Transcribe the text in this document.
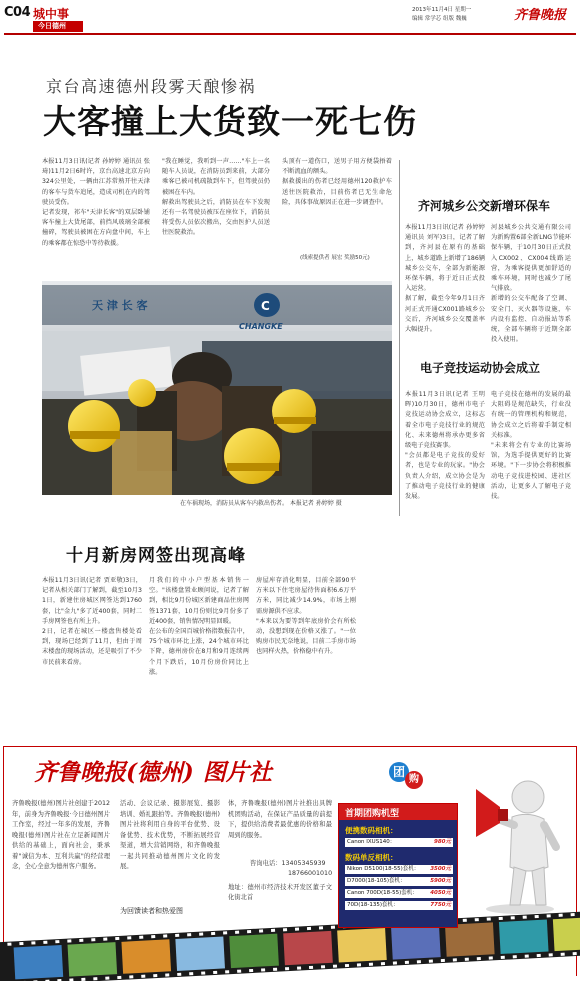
C04 城中事
今日德州
2013年11月4日 星期一
编辑 常学芯 组版 魏巍	齐鲁晚报
京台高速德州段雾天酿惨祸
大客撞上大货致一死七伤
本报11月3日讯(记者 孙婷婷 通讯员 张琦)11月2日6时许，京台高速北京方向324公里处，一辆由江苏常熟开往天津的客车与货车追尾，造成司机在内的驾驶员受伤。
记者发现，祁车"天津长客"的双层卧铺客车撞上大货尾部，前挡风玻璃全部被撞碎，驾驶员被困在方向盘中间，车上的乘客都在惊恐中等待救援。
"我在睡觉，我听到一声……"车上一名随车人员说，在消防员到来前，大部分乘客已被司机疏散到车下，但驾驶员仍被困在车内。
解救出驾驶员之后，消防员在车下发现还有一名驾驶员被压在座位下，消防员将受伤人员依次搬出，交由医护人员送往医院救治。
头顶有一道伤口，送男子用方便袋捂着不断流血的额头。
据救援出的伤者已经用德州120救护车送往医院救治，目前伤者已无生命危险，具体事故原因正在进一步调查中。
(线索提供者 展宏 奖励50元)
天 津 长 客	C
CHANGKE
在车祸现场，消防员从客车内救出伤者。 本报记者 孙婷婷 摄
齐河城乡公交新增环保车
本报11月3日讯(记者 孙婷婷 通讯员 刘军)3日，记者了解到，齐河县在原有的基础上，城乡道路上新增了186辆城乡公交车，全部为新能源环保车辆，将于近日正式投入运营。
据了解，截至今年9月1日齐河正式开通CX001路城乡公交后，齐河城乡公交覆盖率大幅提升。
河县城乡公共交通有限公司为新购置6部全新LNG节能环保车辆，于10月30日正式投入CX002、CX004线路运营，为乘客提供更加舒适的乘车环境，同时也减少了尾气排放。
新增的公交车配备了空调、安全门、灭火器等设施，车内设有监控、自动报站等系统，全部车辆将于近期全部投入使用。
电子竞技运动协会成立
本报11月3日讯(记者 王明晖)10月30日，德州市电子竞技运动协会成立，这标志着全市电子竞技行业的规范化、未来德州将承办更多省级电子竞技赛事。
"会员都是电子竞技的爱好者，也是专业的玩家。"协会负责人介绍，成立协会是为了推动电子竞技行业的健康发展。
电子竞技在德州的发展的最大阻碍是规范缺失，行业没有统一的管理机构和规范，协会成立之后将着手制定相关标准。
"未来将会有专业的比赛场馆，为选手提供更好的比赛环境。"下一步协会将积极推动电子竞技进校园、进社区活动，让更多人了解电子竞技。
十月新房网签出现高峰
本报11月3日讯(记者 贾亚敬)3日，记者从相关部门了解到，截至10月31日，新建住房城区网签达到1760套，比"金九"多了近400套，同时二手房网签也有所上升。
2日，记者在城区一楼盘售楼处看到，现场已经到了11月，但由于周末楼盘的现场活动，还是吸引了不少市民前来看房。
月我们的中小户型基本销售一空。"该楼盘置业顾问说，记者了解到，相比9月份城区新建商品住房网签1371套，10月份则比9月份多了近400套，销售情况明显回暖。
在公布的全国百城价格指数报告中，75个城市环比上涨，24个城市环比下降，德州房价在8月和9月连续两个月下跌后，10月份房价同比上涨。
房屋库存消化明显，目前全部90平方米以下住宅房屋待售面积6.6万平方米，同比减少14.9%，市场上刚需房源供不应求。
"本来以为要等到年底房价会有所松动，没想到现在价格又涨了。"一位购房市民无奈地说，目前二手房市场也同样火热，价格稳中有升。
齐鲁晚报(德州) 图片社	团
购
齐鲁晚报(德州)图片社创建于2012年，前身为齐鲁晚报·今日德州图片工作室，经过一年多的发展，齐鲁晚报(德州)图片社在立足新闻图片供给的基础上，面向社会，秉承着"诚信为本、互利共赢"的经营理念，全心全意为德州客户服务。
活动、会议记录、摄影展览、摄影培训、婚礼跟拍等。齐鲁晚报(德州)图片社将利用自身的平台优势、设备优势、技术优势，不断拓展经营渠道，增大营销网络，和齐鲁晚报一起共同推动德州图片文化的发展。
为回馈读者和热爱图
体，齐鲁晚报(德州)图片社推出具牌机团购活动，在保证产品质量的前提下，提供给消费者最优惠的价格和最周到的服务。
咨询电话：13405345939
18766001010
地址：德州市经济技术开发区董子文化街北首
首期团购机型
便携数码相机：
Canon IXUS140：	980元
数码单反相机：
Nikon D5100(18-55)套机： 3500元
D7000(18-105)套机：	5900元
Canon 700D(18-55)套机： 4050元
70D(18-135)套机：	7750元
